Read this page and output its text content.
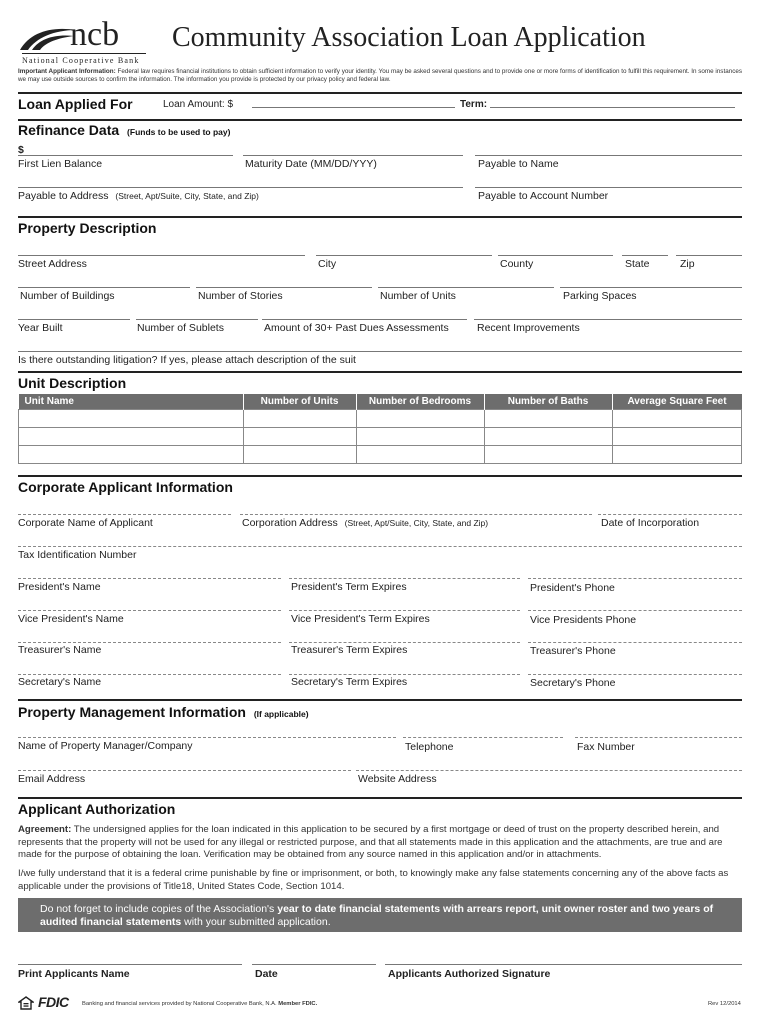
ncb
National Cooperative Bank
Community Association Loan Application
Important Applicant Information: Federal law requires financial institutions to obtain sufficient information to verify your identity. You may be asked several questions and to provide one or more forms of identification to fulfill this requirement. In some instances we may use outside sources to confirm the information. The information you provide is protected by our privacy policy and federal law.
Loan Applied For	Loan Amount: $	Term:
Refinance Data (Funds to be used to pay)
$
First Lien Balance	Maturity Date (MM/DD/YYY)	Payable to Name
Payable to Address (Street, Apt/Suite, City, State, and Zip)	Payable to Account Number
Property Description
Street Address	City	County	State	Zip
Number of Buildings	Number of Stories	Number of Units	Parking Spaces
Year Built	Number of Sublets	Amount of 30+ Past Dues Assessments	Recent Improvements
Is there outstanding litigation? If yes, please attach description of the suit
Unit Description
Unit Name	Number of Units	Number of Bedrooms	Number of Baths	Average Square Feet

Corporate Applicant Information
Corporate Name of Applicant	Corporation Address (Street, Apt/Suite, City, State, and Zip)	Date of Incorporation
Tax Identification Number
President's Name	President's Term Expires	President's Phone
Vice President's Name	Vice President's Term Expires	Vice Presidents Phone
Treasurer's Name	Treasurer's Term Expires	Treasurer's Phone
Secretary's Name	Secretary's Term Expires	Secretary's Phone
Property Management Information (If applicable)
Name of Property Manager/Company	Telephone	Fax Number
Email Address	Website Address
Applicant Authorization
Agreement: The undersigned applies for the loan indicated in this application to be secured by a first mortgage or deed of trust on the property described herein, and represents that the property will not be used for any illegal or restricted purpose, and that all statements made in this application and the attachments, are true and are made for the purpose of obtaining the loan. Verification may be obtained from any source named in this application and/or in attachments.
I/we fully understand that it is a federal crime punishable by fine or imprisonment, or both, to knowingly make any false statements concerning any of the above facts as applicable under the provisions of Title18, United States Code, Section 1014.
Do not forget to include copies of the Association's year to date financial statements with arrears report, unit owner roster and two years of audited financial statements with your submitted application.
Print Applicants Name	Date	Applicants Authorized Signature
FDIC Banking and financial services provided by National Cooperative Bank, N.A. Member FDIC.	Rev 12/2014
